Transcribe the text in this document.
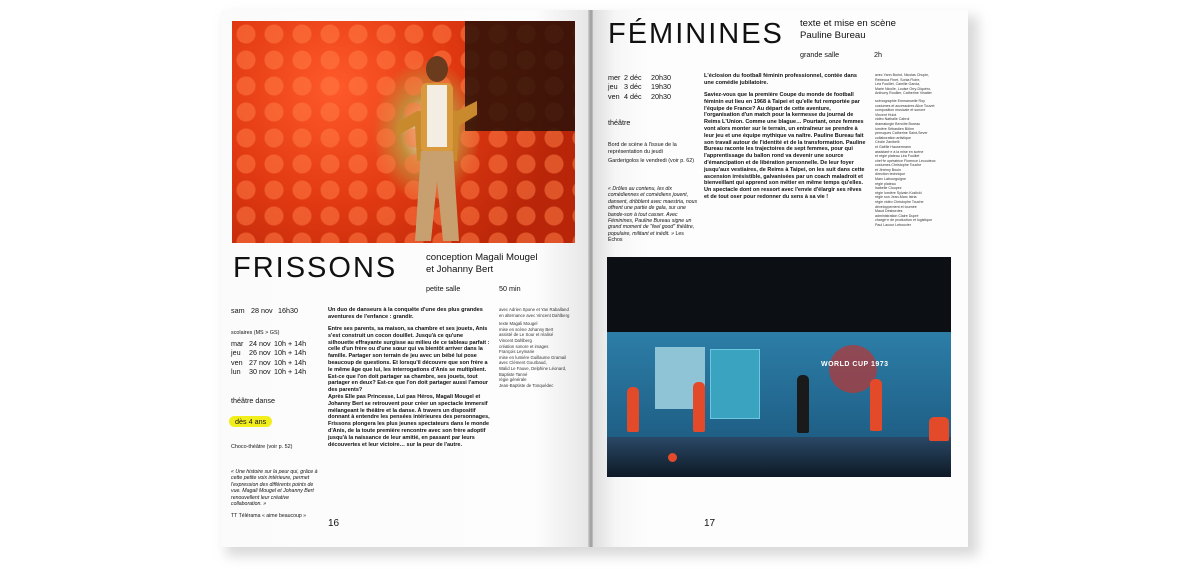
FRISSONS	conception Magali Mougel
et Johanny Bert
petite salle	50 min
sam 28 nov 16h30
scolaires (MS > GS)
mar 24 nov 10h + 14h
jeu 26 nov 10h + 14h
ven 27 nov 10h + 14h
lun 30 nov 10h + 14h
théâtre danse
dès 4 ans
Choco-théâtre (voir p. 52)
« Une histoire sur la peur qui, grâce à cette petite voix intérieure, permet l'expression des différents points de vue. Magali Mougel et Johanny Bert renouvellent leur créative collaboration. »
TT Télérama « aime beaucoup »
Un duo de danseurs à la conquête d'une des plus grandes aventures de l'enfance : grandir.
Entre ses parents, sa maison, sa chambre et ses jouets, Anis s'est construit un cocon douillet. Jusqu'à ce qu'une silhouette effrayante surgisse au milieu de ce tableau parfait : celle d'un frère ou d'une sœur qui va bientôt arriver dans la famille. Partager son terrain de jeu avec un bébé lui pose beaucoup de questions. Et lorsqu'il découvre que son frère a le même âge que lui, les interrogations d'Anis se multiplient. Est-ce que l'on doit partager sa chambre, ses jouets, tout partager en deux? Est-ce que l'on doit partager aussi l'amour des parents?
Après Elle pas Princesse, Lui pas Héros, Magali Mougel et Johanny Bert se retrouvent pour créer un spectacle immersif mélangeant le théâtre et la danse. À travers un dispositif donnant à entendre les pensées intérieures des personnages, Frissons plongera les plus jeunes spectateurs dans le monde d'Anis, de la toute première rencontre avec son frère adoptif jusqu'à la naissance de leur amitié, en passant par leurs découvertes et leur victoire… sur la peur de l'autre.
avec Adrien Spone et Yan Raballand
en alternance avec Vincent Dahlberg
texte Magali Mougel
mise en scène Johanny Bert
assisté de Le Sour et réalisé
Vincent Dahlberg
création sonore et images
François Leymarie
mise en lumière Guillaume Gramail
avec Clément Gourbaud,
Walid Le Fauve, Delphine Léonard,
Baptiste Tanné
régie générale
Jean-Baptiste de Tonquédec
16
FÉMININES texte et mise en scène
Pauline Bureau
grande salle	2h
mer 2 déc 20h30
jeu 3 déc 19h30
ven 4 déc 20h30
théâtre
Bord de scène à l'issue de la représentation du jeudi
Garderigolos le vendredi (voir p. 62)
« Drôles au contenu, les dix comédiennes et comédiens jouent, dansent, dribblent avec maestria, nous offrent une partie de gala, sur une bande-son à tout casser. Avec Féminines, Pauline Bureau signe un grand moment de "feel good" théâtre, populaire, militant et inédit. » Les Échos
L'éclosion du football féminin professionnel, contée dans une comédie jubilatoire.
Saviez-vous que la première Coupe du monde de football féminin eut lieu en 1968 à Taipei et qu'elle fut remportée par l'équipe de France? Au départ de cette aventure, l'organisation d'un match pour la kermesse du journal de Reims L'Union. Comme une blague… Pourtant, onze femmes vont alors monter sur le terrain, un entraîneur se prendre à leur jeu et une équipe mythique va naître. Pauline Bureau fait son travail autour de l'identité et de la transformation. Pauline Bureau raconte les trajectoires de sept femmes, pour qui l'apprentissage du ballon rond va devenir une source d'émancipation et de libération personnelle. De leur foyer jusqu'aux vestiaires, de Reims à Taipei, on les suit dans cette ascension irrésistible, galvanisées par un coach maladroit et bienveillant qui apprend son métier en même temps qu'elles. Un spectacle dont on ressort avec l'envie d'élargir ses rêves et de tout oser pour redonner du sens à sa vie !
avec Yann Burlot, Nicolas Chupin,
Rebecca Finet, Sonia Floire,
Léa Fouillet, Camille Garcia,
Marie Nicolle, Louise Orry-Diquéro,
Anthony Roullier, Catherine Vinatier
scénographie Emmanuelle Roy
costumes et accessoires Alice Touvet
composition musicale et sonore
Vincent Hulot
vidéo Nathalie Cabrol
dramaturgie Benoîte Bureau
lumière Sébastien Böhm
perruques Catherine Saint-Sever
collaboration artistique
Cécile Zanibelli
et Gaëlle Hausermann
assistant·e à la mise en scène
et régie plateau Léa Fouillet
chef·fe opératrice Florence Lecouteux
costumes Christophe Touche
et Jérémy Bouin
direction technique
Marc Labourguigne
régie plateau
Isabelle Cloupez
régie lumière Sylvain Kozlicki
régie son Jean-Marc Istria
régie vidéo Christophe Touche
développement et tournée
Maud Desbordes
administration Claire Dupré
chargé·e de production et logistique
Paul Lacour Lebouvier
WORLD CUP 1973
17
